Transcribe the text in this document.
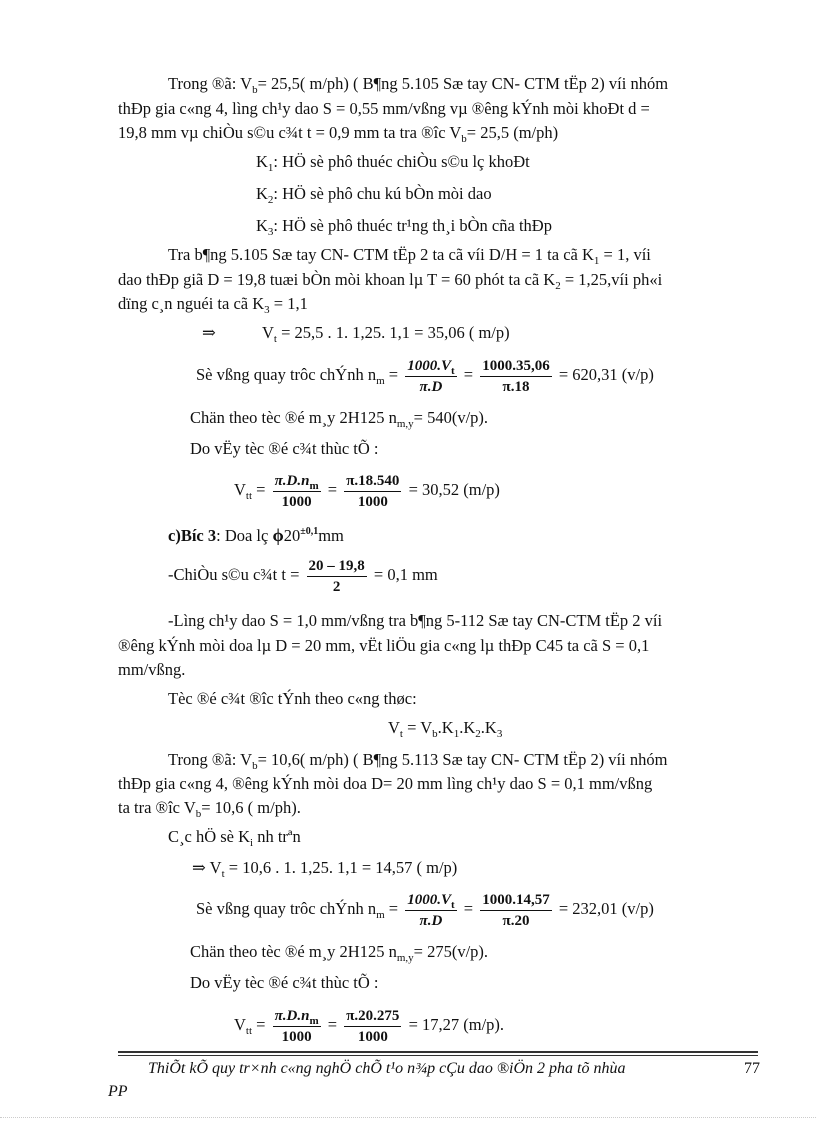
Trong ®ã: $V_b= 25,5$( m/ph) ( B¶ng 5.105 Sæ tay CN- CTM tËp 2) víi nhóm
thÐp gia c«ng 4, lìng ch¹y dao S = 0,55 mm/vßng vµ ®êng kÝnh mòi khoÐt d =
19,8 mm vµ chiÒu s©u c¾t t = 0,9 mm ta tra ®îc $V_b= 25,5$ (m/ph)
$K_1$: HÖ sè phô thuéc chiÒu s©u lç khoÐt
$K_2$: HÖ sè phô chu kú bÒn mòi dao
$K_3$: HÖ sè phô thuéc tr¹ng th¸i bÒn cña thÐp
Tra b¶ng 5.105 Sæ tay CN- CTM tËp 2 ta cã víi D/H = 1 ta cã $K_1 = 1$, víi
dao thÐp giã D = 19,8 tuæi bÒn mòi khoan lµ T = 60 phót ta cã $K_2$ = 1,25,víi ph«i
dïng c¸n nguéi ta cã $K_3 = 1,1$
⇒	$V_t = 25,5$ . 1. 1,25. 1,1 = 35,06 ( m/p)
Sè vßng quay trôc chÝnh $n_m = \frac{1000.V_t}{\pi.D} = \frac{1000.35,06}{\pi.18} = 620,31$ (v/p)
Chän theo tèc ®é m¸y 2H125 $n_{m,y}= 540(v/p)$.
Do vËy tèc ®é c¾t thùc tÕ :
$V_{tt} = \frac{\pi.D.n_m}{1000} = \frac{\pi.18.540}{1000} = 30,52$ (m/p)
c)Bíc 3: Doa lç $\phi 20^{\pm 0,1}mm$
-ChiÒu s©u c¾t $t = \frac{20 - 19,8}{2} = 0,1$ mm
-Lìng ch¹y dao S = 1,0 mm/vßng tra b¶ng 5-112 Sæ tay CN-CTM tËp 2 víi
®êng kÝnh mòi doa lµ D = 20 mm, vËt liÖu gia c«ng lµ thÐp C45 ta cã S = 0,1
mm/vßng.
Tèc ®é c¾t ®îc tÝnh theo c«ng thøc:
$V_t = V_b.K_1.K_2.K_3$
Trong ®ã: $V_b= 10,6$( m/ph) ( B¶ng 5.113 Sæ tay CN- CTM tËp 2) víi nhóm
thÐp gia c«ng 4, ®êng kÝnh mòi doa D= 20 mm lìng ch¹y dao S = 0,1 mm/vßng
ta tra ®îc $V_b= 10,6$ ( m/ph).
C¸c hÖ sè $K_i$ nh trªn
⇒ $V_t = 10,6$ . 1. 1,25. 1,1 = 14,57 ( m/p)
Sè vßng quay trôc chÝnh $n_m = \frac{1000.V_t}{\pi.D} = \frac{1000.14,57}{\pi.20} = 232,01$ (v/p)
Chän theo tèc ®é m¸y 2H125 $n_{m,y}= 275(v/p)$.
Do vËy tèc ®é c¾t thùc tÕ :
$V_{tt} = \frac{\pi.D.n_m}{1000} = \frac{\pi.20.275}{1000} = 17,27$ (m/p).
ThiÕt kÕ quy tr×nh c«ng nghÖ chÕ t¹o n¾p cÇu dao ®iÖn 2 pha tõ nhùa
PP
77
